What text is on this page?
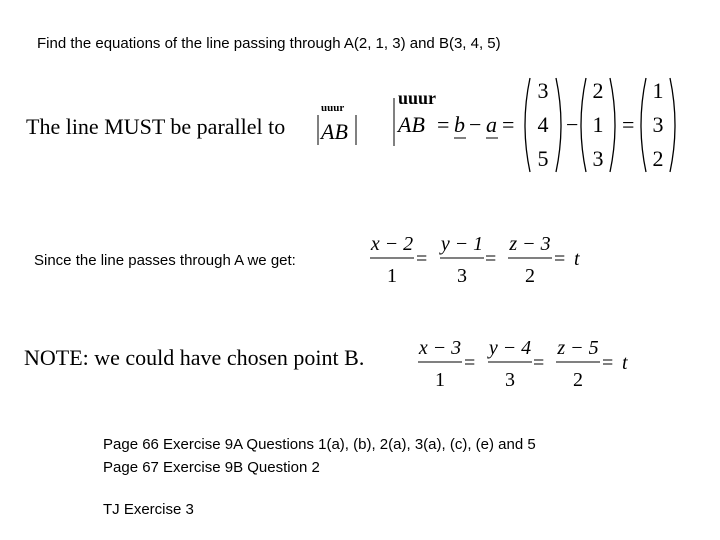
Find the equations of the line passing through A(2, 1, 3) and B(3, 4, 5)
The line MUST be parallel to
uuur
AB
uuur
AB = b − a =
3
4
5
−
2
1
3
=
1
3
2
Since the line passes through A we get:
x − 2
1
=
y − 1
3
=
z − 3
2
= t
NOTE: we could have chosen point B.	x − 3
1
=
y − 4
3
=
z − 5
2
= t
Page 66 Exercise 9A Questions 1(a), (b), 2(a), 3(a), (c), (e) and 5
Page 67 Exercise 9B Question 2
TJ Exercise 3
